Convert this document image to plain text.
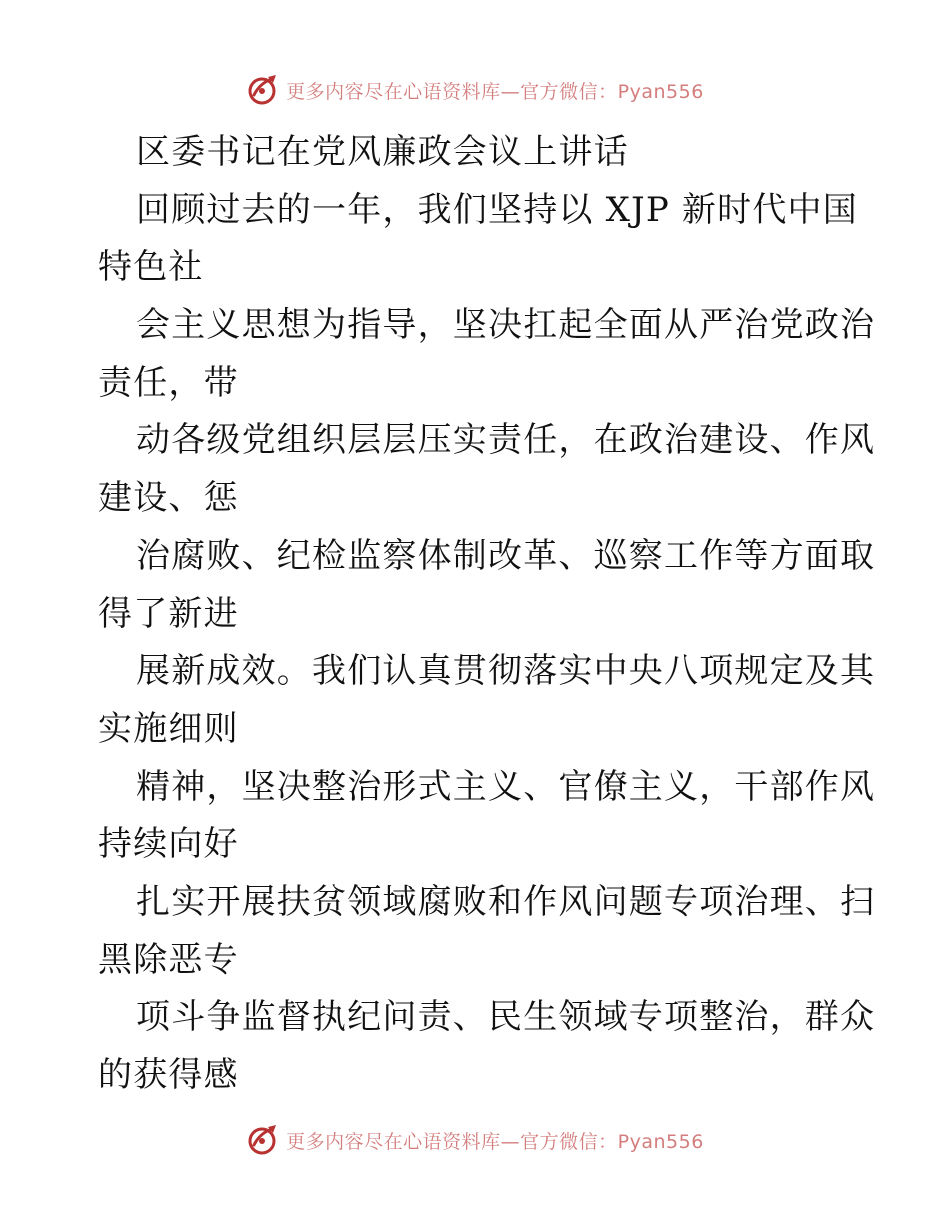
更多内容尽在心语资料库—官方微信：Pyan556
区委书记在党风廉政会议上讲话
回顾过去的一年，我们坚持以 XJP 新时代中国
特色社
会主义思想为指导，坚决扛起全面从严治党政治
责任，带
动各级党组织层层压实责任，在政治建设、作风
建设、惩
治腐败、纪检监察体制改革、巡察工作等方面取
得了新进
展新成效。我们认真贯彻落实中央八项规定及其
实施细则
精神，坚决整治形式主义、官僚主义，干部作风
持续向好
扎实开展扶贫领域腐败和作风问题专项治理、扫
黑除恶专
项斗争监督执纪问责、民生领域专项整治，群众
的获得感
更多内容尽在心语资料库—官方微信：Pyan556
